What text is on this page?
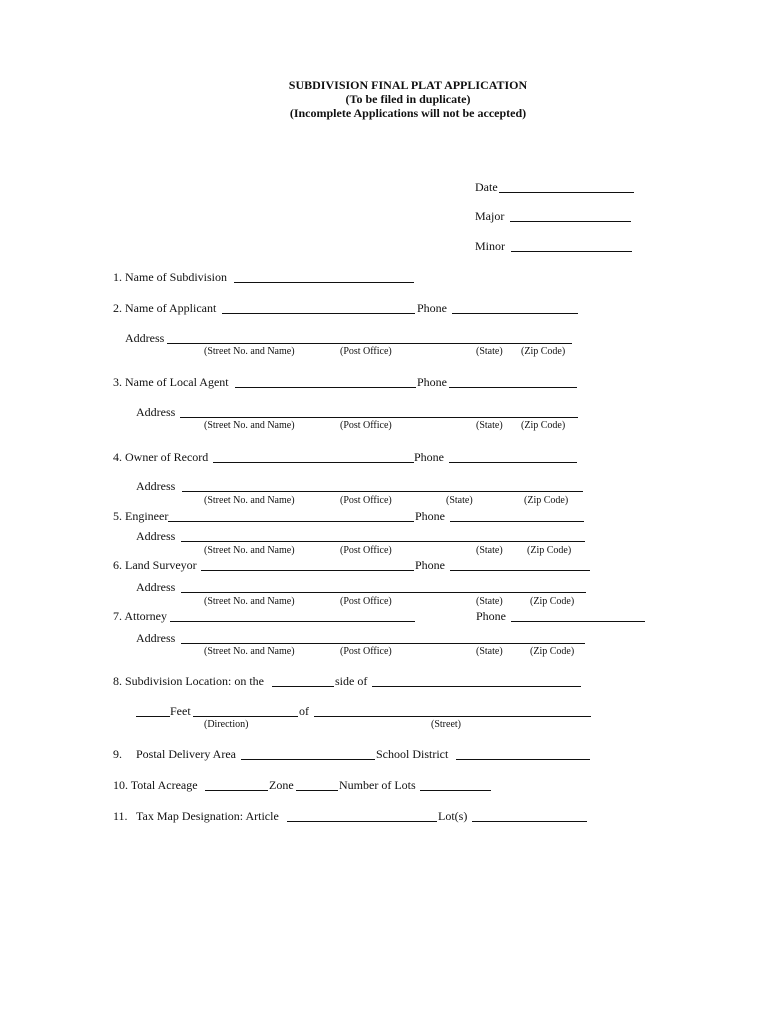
SUBDIVISION FINAL PLAT APPLICATION
(To be filed in duplicate)
(Incomplete Applications will not be accepted)
Date
Major
Minor
1. Name of Subdivision
2. Name of Applicant	Phone
Address
(Street No. and Name)	(Post Office)	(State) (Zip Code)
3. Name of Local Agent	Phone
Address
(Street No. and Name)	(Post Office)	(State) (Zip Code)
4. Owner of Record	Phone
Address
(Street No. and Name)	(Post Office)	(State)	(Zip Code)
5. Engineer	Phone
Address
(Street No. and Name)	(Post Office)	(State) (Zip Code)
6. Land Surveyor	Phone
Address
(Street No. and Name)	(Post Office)	(State)	(Zip Code)
7. Attorney	Phone
Address
(Street No. and Name)	(Post Office)	(State)	(Zip Code)
8. Subdivision Location: on the	side of
Feet	of
(Direction)	(Street)
9. Postal Delivery Area	School District
10. Total Acreage	Zone	Number of Lots
11. Tax Map Designation: Article	Lot(s)
